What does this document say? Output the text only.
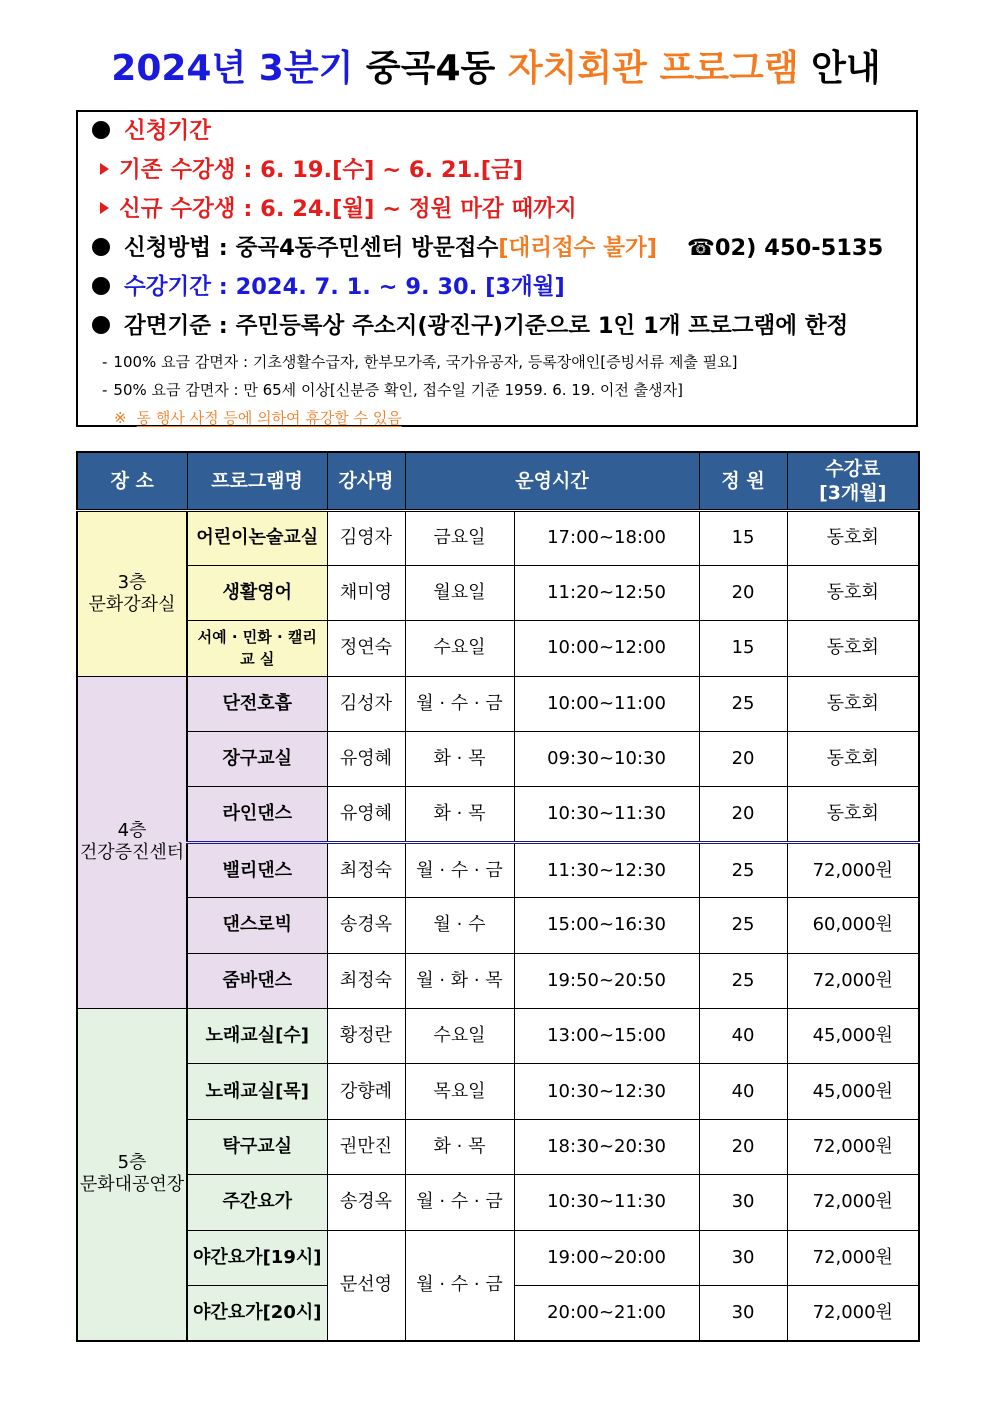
2024년 3분기 중곡4동 자치회관 프로그램 안내
신청기간
기존 수강생 : 6. 19.[수] ~ 6. 21.[금]
신규 수강생 : 6. 24.[월] ~ 정원 마감 때까지
신청방법 : 중곡4동주민센터 방문접수[대리접수 불가] ☎02) 450-5135
수강기간 : 2024. 7. 1. ~ 9. 30. [3개월]
감면기준 : 주민등록상 주소지(광진구)기준으로 1인 1개 프로그램에 한정
- 100% 요금 감면자 : 기초생활수급자, 한부모가족, 국가유공자, 등록장애인[증빙서류 제출 필요]
- 50% 요금 감면자 : 만 65세 이상[신분증 확인, 접수일 기준 1959. 6. 19. 이전 출생자]
※ 동 행사 사정 등에 의하여 휴강할 수 있음
장 소	프로그램명	강사명	운영시간		정 원	수강료
[3개월]
3층
문화강좌실	어린이논술교실	김영자	금요일	17:00~18:00	15	동호회
	생활영어	채미영	월요일	11:20~12:50	20	동호회
	서예 · 민화 · 캘리
교 실	정연숙	수요일	10:00~12:00	15	동호회
4층
건강증진센터	단전호흡	김성자	월 · 수 · 금	10:00~11:00	25	동호회
	장구교실	유영혜	화 · 목	09:30~10:30	20	동호회
	라인댄스	유영혜	화 · 목	10:30~11:30	20	동호회
	밸리댄스	최정숙	월 · 수 · 금	11:30~12:30	25	72,000원
	댄스로빅	송경옥	월 · 수	15:00~16:30	25	60,000원
	줌바댄스	최정숙	월 · 화 · 목	19:50~20:50	25	72,000원
5층
문화대공연장	노래교실[수]	황정란	수요일	13:00~15:00	40	45,000원
	노래교실[목]	강향례	목요일	10:30~12:30	40	45,000원
	탁구교실	권만진	화 · 목	18:30~20:30	20	72,000원
	주간요가	송경옥	월 · 수 · 금	10:30~11:30	30	72,000원
	야간요가[19시]	문선영	월 · 수 · 금	19:00~20:00	30	72,000원
	야간요가[20시]			20:00~21:00	30	72,000원
